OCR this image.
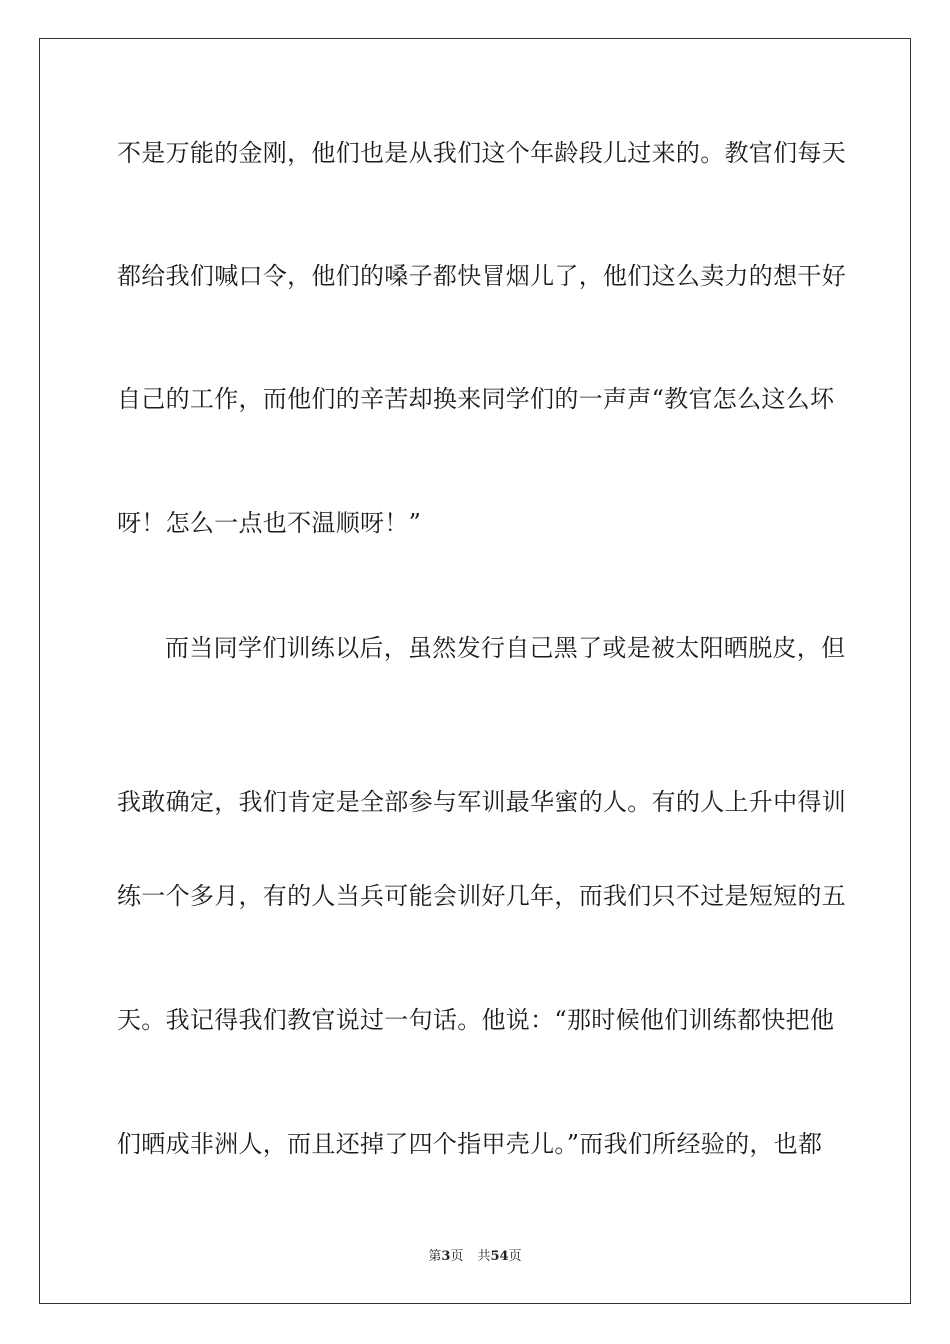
不是万能的金刚，他们也是从我们这个年龄段儿过来的。教官们每天
都给我们喊口令，他们的嗓子都快冒烟儿了，他们这么卖力的想干好
自己的工作，而他们的辛苦却换来同学们的一声声“教官怎么这么坏
呀！怎么一点也不温顺呀！”
而当同学们训练以后，虽然发行自己黑了或是被太阳晒脱皮，但
我敢确定，我们肯定是全部参与军训最华蜜的人。有的人上升中得训
练一个多月，有的人当兵可能会训好几年，而我们只不过是短短的五
天。我记得我们教官说过一句话。他说：“那时候他们训练都快把他
们晒成非洲人，而且还掉了四个指甲壳儿。”而我们所经验的，也都
第3页 共54页
